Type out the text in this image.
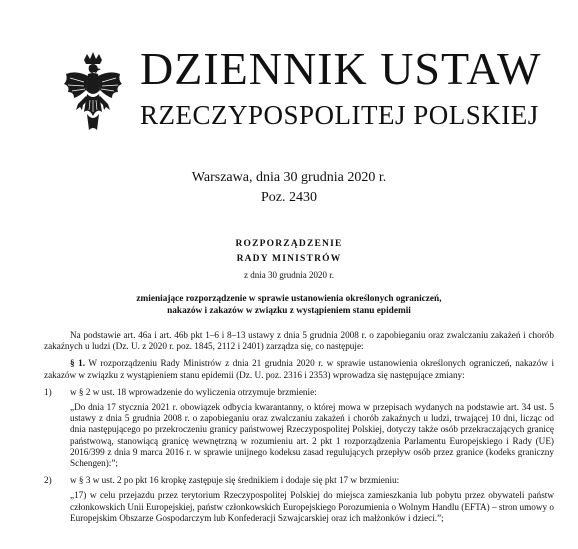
DZIENNIK USTAW
RZECZYPOSPOLITEJ POLSKIEJ
Warszawa, dnia 30 grudnia 2020 r.
Poz. 2430
ROZPORZĄDZENIE
RADY MINISTRÓW
z dnia 30 grudnia 2020 r.
zmieniające rozporządzenie w sprawie ustanowienia określonych ograniczeń, nakazów i zakazów w związku z wystąpieniem stanu epidemii

Na podstawie art. 46a i art. 46b pkt 1–6 i 8–13 ustawy z dnia 5 grudnia 2008 r. o zapobieganiu oraz zwalczaniu zakażeń i chorób zakaźnych u ludzi (Dz. U. z 2020 r. poz. 1845, 2112 i 2401) zarządza się, co następuje:

§ 1. W rozporządzeniu Rady Ministrów z dnia 21 grudnia 2020 r. w sprawie ustanowienia określonych ograniczeń, nakazów i zakazów w związku z wystąpieniem stanu epidemii (Dz. U. poz. 2316 i 2353) wprowadza się następujące zmiany:

1) w § 2 w ust. 18 wprowadzenie do wyliczenia otrzymuje brzmienie:

„Do dnia 17 stycznia 2021 r. obowiązek odbycia kwarantanny, o której mowa w przepisach wydanych na podstawie art. 34 ust. 5 ustawy z dnia 5 grudnia 2008 r. o zapobieganiu oraz zwalczaniu zakażeń i chorób zakaźnych u ludzi, trwającej 10 dni, licząc od dnia następującego po przekroczeniu granicy państwowej Rzeczypospolitej Polskiej, dotyczy także osób przekraczających granicę państwową, stanowiącą granicę wewnętrzną w rozumieniu art. 2 pkt 1 rozporządzenia Parlamentu Europejskiego i Rady (UE) 2016/399 z dnia 9 marca 2016 r. w sprawie unijnego kodeksu zasad regulujących przepływ osób przez granice (kodeks graniczny Schengen):”;

2) w § 3 w ust. 2 po pkt 16 kropkę zastępuje się średnikiem i dodaje się pkt 17 w brzmieniu:

„17) w celu przejazdu przez terytorium Rzeczypospolitej Polskiej do miejsca zamieszkania lub pobytu przez obywateli państw członkowskich Unii Europejskiej, państw członkowskich Europejskiego Porozumienia o Wolnym Handlu (EFTA) – stron umowy o Europejskim Obszarze Gospodarczym lub Konfederacji Szwajcarskiej oraz ich małżonków i dzieci.”;
